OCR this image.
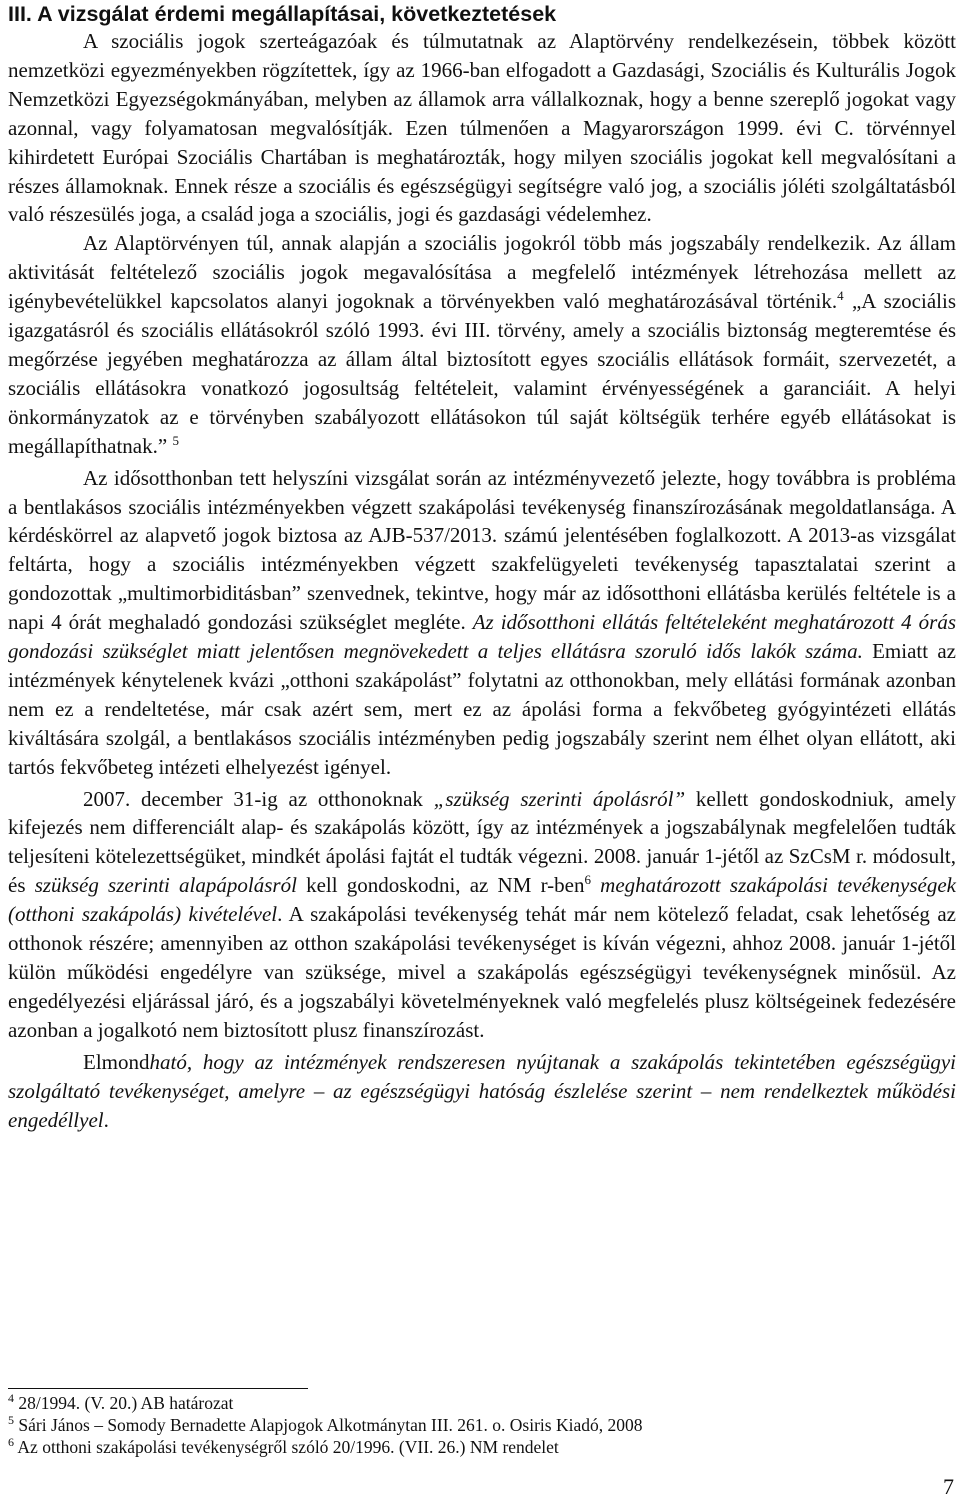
III. A vizsgálat érdemi megállapításai, következtetések

A szociális jogok szerteágazóak és túlmutatnak az Alaptörvény rendelkezésein, többek között nemzetközi egyezményekben rögzítettek, így az 1966-ban elfogadott a Gazdasági, Szociális és Kulturális Jogok Nemzetközi Egyezségokmányában, melyben az államok arra vállalkoznak, hogy a benne szereplő jogokat vagy azonnal, vagy folyamatosan megvalósítják. Ezen túlmenően a Magyarországon 1999. évi C. törvénnyel kihirdetett Európai Szociális Chartában is meghatározták, hogy milyen szociális jogokat kell megvalósítani a részes államoknak. Ennek része a szociális és egészségügyi segítségre való jog, a szociális jóléti szolgáltatásból való részesülés joga, a család joga a szociális, jogi és gazdasági védelemhez.

Az Alaptörvényen túl, annak alapján a szociális jogokról több más jogszabály rendelkezik. Az állam aktivitását feltételező szociális jogok megavalósítása a megfelelő intézmények létrehozása mellett az igénybevételükkel kapcsolatos alanyi jogoknak a törvényekben való meghatározásával történik.$^4$ „A szociális igazgatásról és szociális ellátásokról szóló 1993. évi III. törvény, amely a szociális biztonság megteremtése és megőrzése jegyében meghatározza az állam által biztosított egyes szociális ellátások formáit, szervezetét, a szociális ellátásokra vonatkozó jogosultság feltételeit, valamint érvényességének a garanciáit. A helyi önkormányzatok az e törvényben szabályozott ellátásokon túl saját költségük terhére egyéb ellátásokat is megállapíthatnak.” $^5$

Az idősotthonban tett helyszíni vizsgálat során az intézményvezető jelezte, hogy továbbra is probléma a bentlakásos szociális intézményekben végzett szakápolási tevékenység finanszírozásának megoldatlansága. A kérdéskörrel az alapvető jogok biztosa az AJB-537/2013. számú jelentésében foglalkozott. A 2013-as vizsgálat feltárta, hogy a szociális intézményekben végzett szakfelügyeleti tevékenység tapasztalatai szerint a gondozottak „multimorbiditásban” szenvednek, tekintve, hogy már az idősotthoni ellátásba kerülés feltétele is a napi 4 órát meghaladó gondozási szükséglet megléte. Az idősotthoni ellátás feltételeként meghatározott 4 órás gondozási szükséglet miatt jelentősen megnövekedett a teljes ellátásra szoruló idős lakók száma. Emiatt az intézmények kénytelenek kvázi „otthoni szakápolást” folytatni az otthonokban, mely ellátási formának azonban nem ez a rendeltetése, már csak azért sem, mert ez az ápolási forma a fekvőbeteg gyógyintézeti ellátás kiváltására szolgál, a bentlakásos szociális intézményben pedig jogszabály szerint nem élhet olyan ellátott, aki tartós fekvőbeteg intézeti elhelyezést igényel.

2007. december 31-ig az otthonoknak „szükség szerinti ápolásról” kellett gondoskodniuk, amely kifejezés nem differenciált alap- és szakápolás között, így az intézmények a jogszabálynak megfelelően tudták teljesíteni kötelezettségüket, mindkét ápolási fajtát el tudták végezni. 2008. január 1-jétől az SzCsM r. módosult, és szükség szerinti alapápolásról kell gondoskodni, az NM r-ben$^6$ meghatározott szakápolási tevékenységek (otthoni szakápolás) kivételével. A szakápolási tevékenység tehát már nem kötelező feladat, csak lehetőség az otthonok részére; amennyiben az otthon szakápolási tevékenységet is kíván végezni, ahhoz 2008. január 1-jétől külön működési engedélyre van szüksége, mivel a szakápolás egészségügyi tevékenységnek minősül. Az engedélyezési eljárással járó, és a jogszabályi követelményeknek való megfelelés plusz költségeinek fedezésére azonban a jogalkotó nem biztosított plusz finanszírozást.

Elmondható, hogy az intézmények rendszeresen nyújtanak a szakápolás tekintetében egészségügyi szolgáltató tevékenységet, amelyre – az egészségügyi hatóság észlelése szerint – nem rendelkeztek működési engedéllyel.

$^4$ 28/1994. (V. 20.) AB határozat
$^5$ Sári János – Somody Bernadette Alapjogok Alkotmánytan III. 261. o. Osiris Kiadó, 2008
$^6$ Az otthoni szakápolási tevékenységről szóló 20/1996. (VII. 26.) NM rendelet
7
